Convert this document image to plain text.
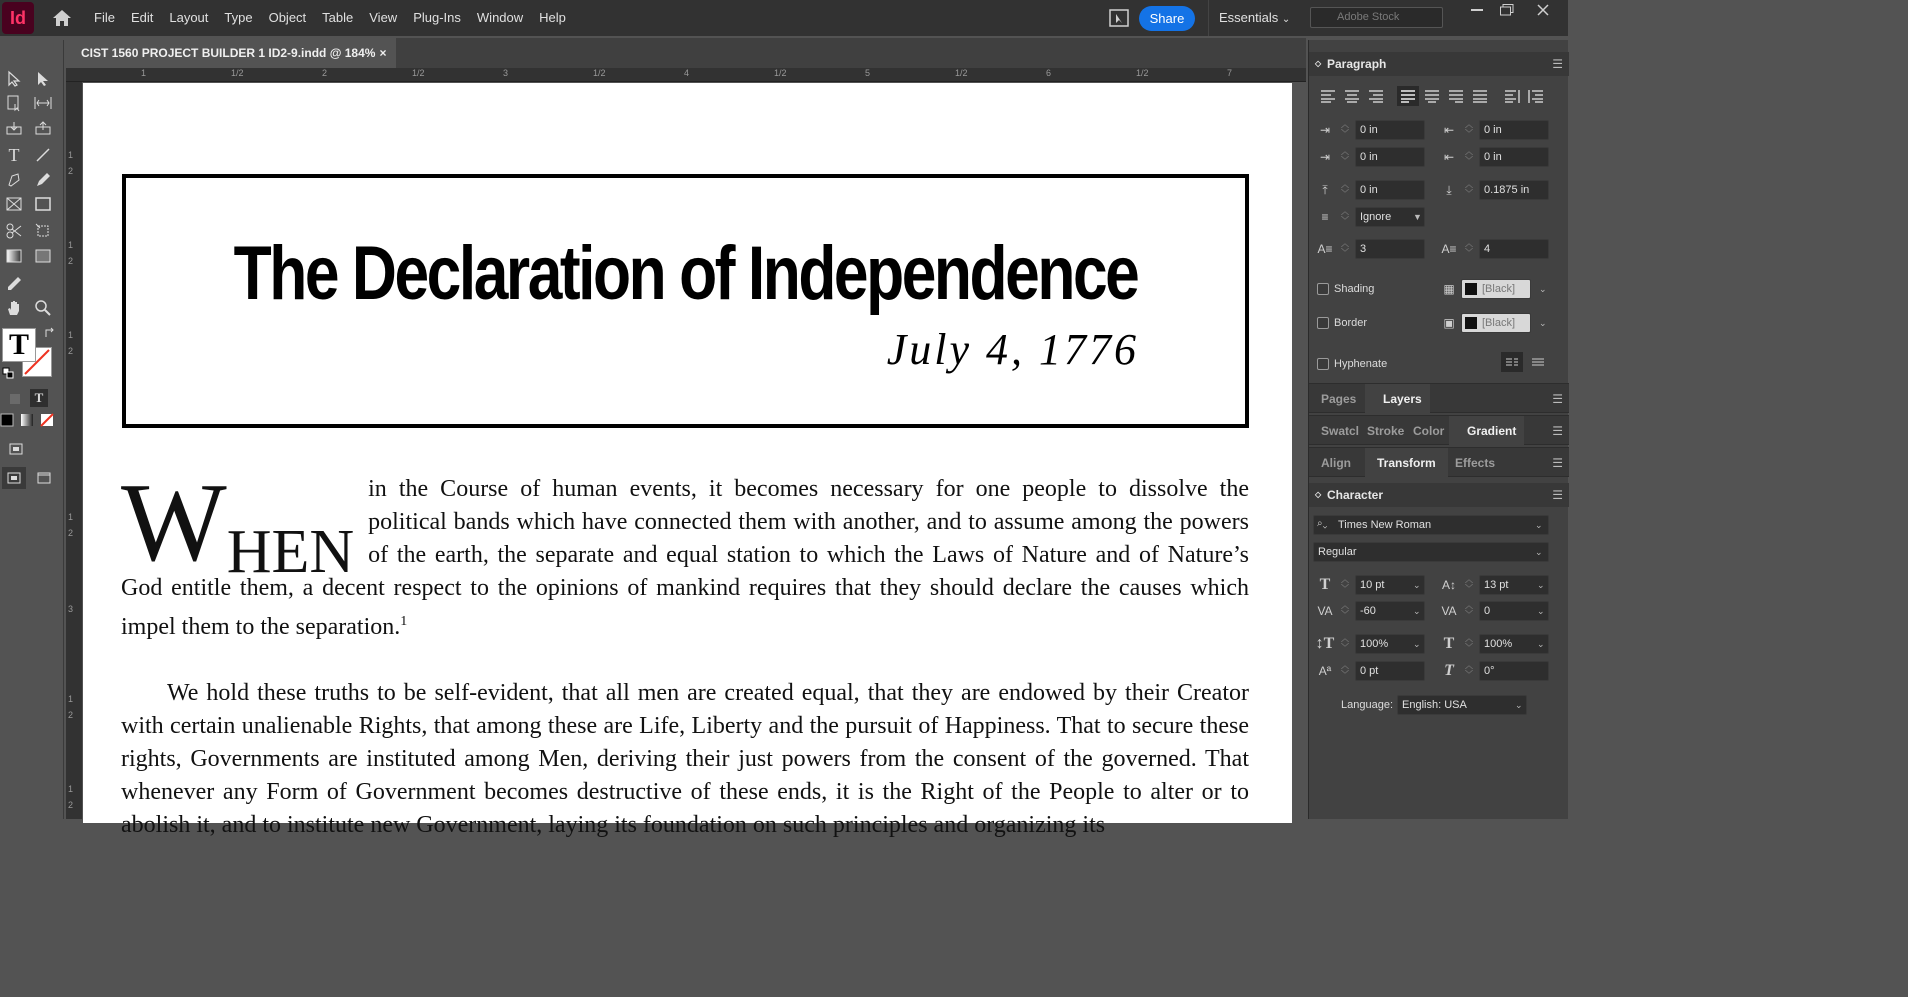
Id	File	Edit	Layout	Type	Object	Table	View	Plug-Ins	Window	Help	Share	Essentials ⌄	Adobe Stock
CIST 1560 PROJECT BUILDER 1 ID2-9.indd @ 184% ×
T
T
T
1	1/2	2	1/2	3	1/2	4	1/2	5	1/2	6	1/2	7
1
2
1
2
1
2
3
1
2
1
2
1
2
The Declaration of Independence
July 4, 1776

W HEN
in the Course of human events, it becomes necessary for one people to dissolve the political bands which have connected them with another, and to assume among the powers of the earth, the separate and equal station to which the Laws of Nature and of Nature’s God entitle them, a decent respect to the opinions of mankind requires that they should declare the causes which impel them to the separation.$^1$

We hold these truths to be self-evident, that all men are created equal, that they are endowed by their Creator with certain unalienable Rights, that among these are Life, Liberty and the pursuit of Happiness. That to secure these rights, Governments are instituted among Men, deriving their just powers from the consent of the governed. That whenever any Form of Government becomes destructive of these ends, it is the Right of the People to alter or to abolish it, and to institute new Government, laying its foundation on such principles and organizing its

◇ Paragraph	☰
⇥	︿
﹀	0 in	⇤	︿
﹀	0 in
⇥	︿
﹀	0 in	⇤	︿
﹀	0 in
⤒	︿
﹀	0 in	⤓	︿
﹀	0.1875 in
≡	︿
﹀	Ignore	▼
A≡	︿
﹀	3	A≡	︿
﹀	4
Shading	▦	[Black]	⌄
Border	▣	[Black]	⌄
Hyphenate
Pages	Layers	☰
Swatcl Stroke Color	Gradient	☰
Align	Transform	Effects	☰
◇ Character	☰
Times New Roman
⌕⌄	⌄
Regular	⌄
T	︿
﹀	10 pt	⌄ A↕	︿
﹀	13 pt	⌄
VA	︿
﹀	-60	⌄ VA	︿
﹀	0	⌄
↕T ︿
﹀	100%	⌄ T	︿
﹀	100%	⌄
Aª	︿
﹀	0 pt	T	︿
﹀	0°
Language: English: USA	⌄
